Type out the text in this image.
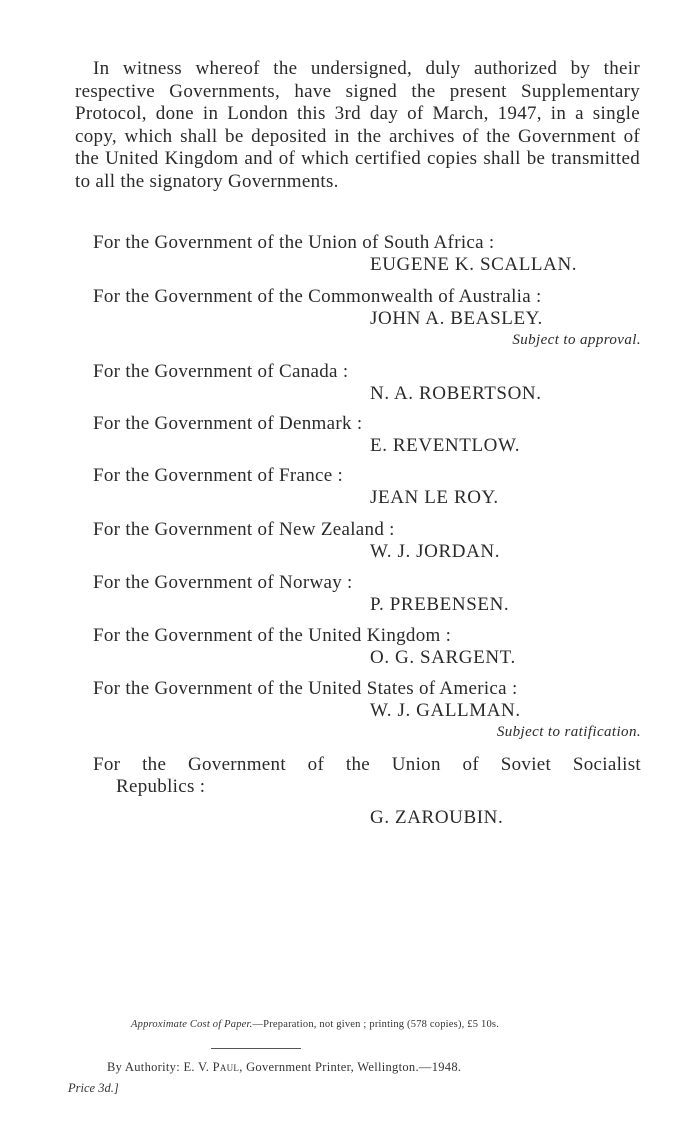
In witness whereof the undersigned, duly authorized by their respective Governments, have signed the present Supplementary Protocol, done in London this 3rd day of March, 1947, in a single copy, which shall be deposited in the archives of the Government of the United Kingdom and of which certified copies shall be transmitted to all the signatory Governments.
For the Government of the Union of South Africa :
EUGENE K. SCALLAN.
For the Government of the Commonwealth of Australia :
JOHN A. BEASLEY.
Subject to approval.
For the Government of Canada :
N. A. ROBERTSON.
For the Government of Denmark :
E. REVENTLOW.
For the Government of France :
JEAN LE ROY.
For the Government of New Zealand :
W. J. JORDAN.
For the Government of Norway :
P. PREBENSEN.
For the Government of the United Kingdom :
O. G. SARGENT.
For the Government of the United States of America :
W. J. GALLMAN.
Subject to ratification.
For the Government of the Union of Soviet Socialist
Republics :
G. ZAROUBIN.
Approximate Cost of Paper.—Preparation, not given ; printing (578 copies), £5 10s.
By Authority: E. V. Paul, Government Printer, Wellington.—1948.
Price 3d.]
